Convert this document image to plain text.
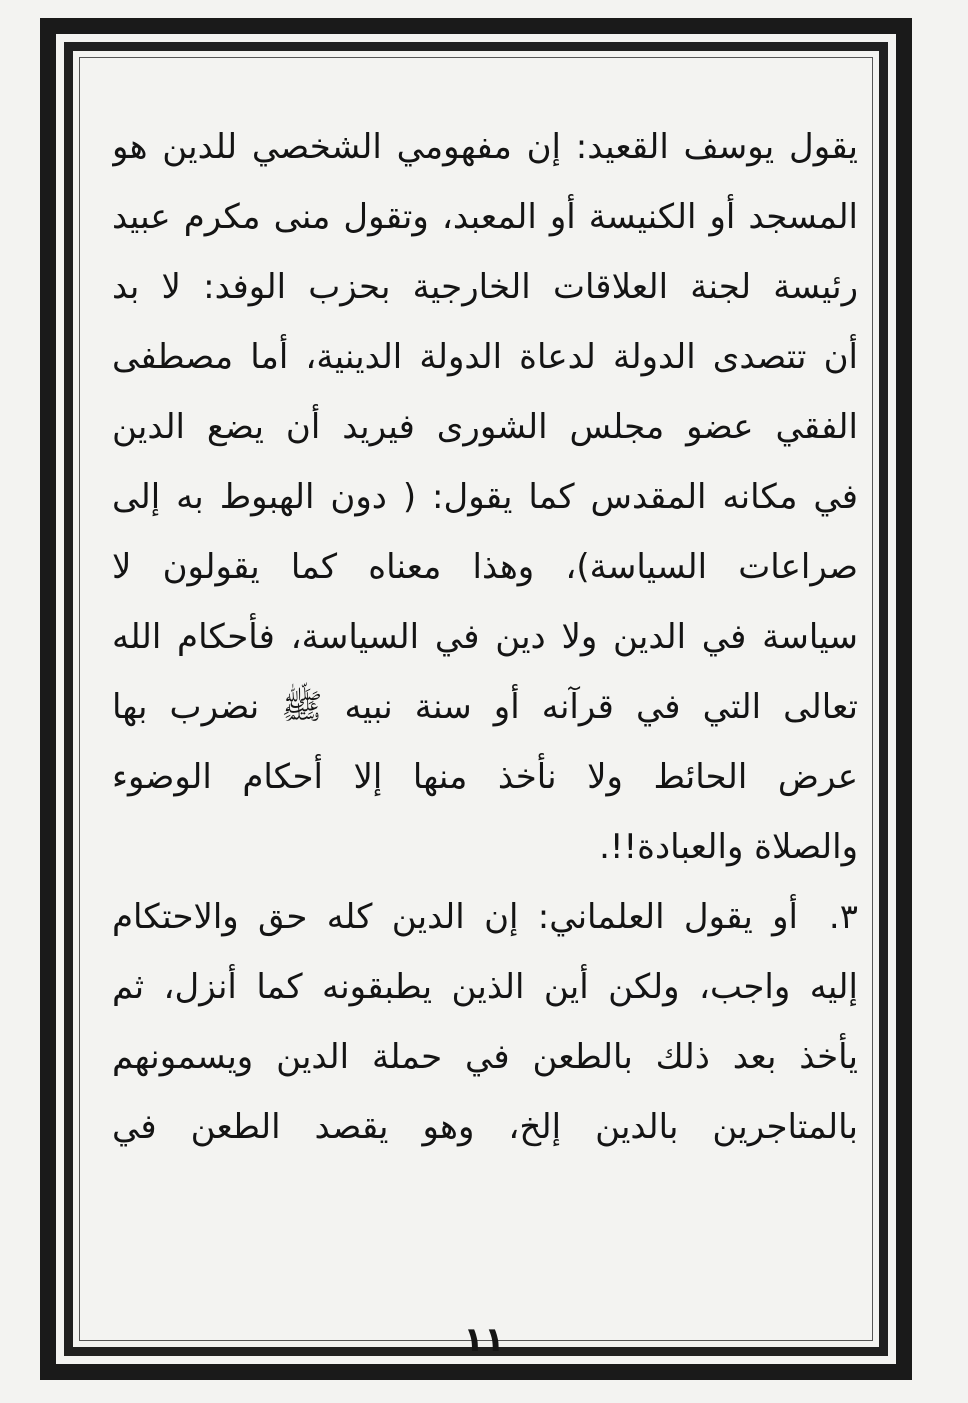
يقول يوسف القعيد: إن مفهومي الشخصي للدين هو
المسجد أو الكنيسة أو المعبد، وتقول منى مكرم عبيد
رئيسة لجنة العلاقات الخارجية بحزب الوفد: لا بد
أن تتصدى الدولة لدعاة الدولة الدينية، أما مصطفى
الفقي عضو مجلس الشورى فيريد أن يضع الدين
في مكانه المقدس كما يقول: ( دون الهبوط به إلى
صراعات السياسة)، وهذا معناه كما يقولون لا
سياسة في الدين ولا دين في السياسة، فأحكام الله
تعالى التي في قرآنه أو سنة نبيه ﷺ نضرب بها
عرض الحائط ولا نأخذ منها إلا أحكام الوضوء
والصلاة والعبادة!!.
٣.
أو يقول العلماني: إن الدين كله حق والاحتكام
إليه واجب، ولكن أين الذين يطبقونه كما أنزل، ثم
يأخذ بعد ذلك بالطعن في حملة الدين ويسمونهم
بالمتاجرين بالدين إلخ، وهو يقصد الطعن في
١١
